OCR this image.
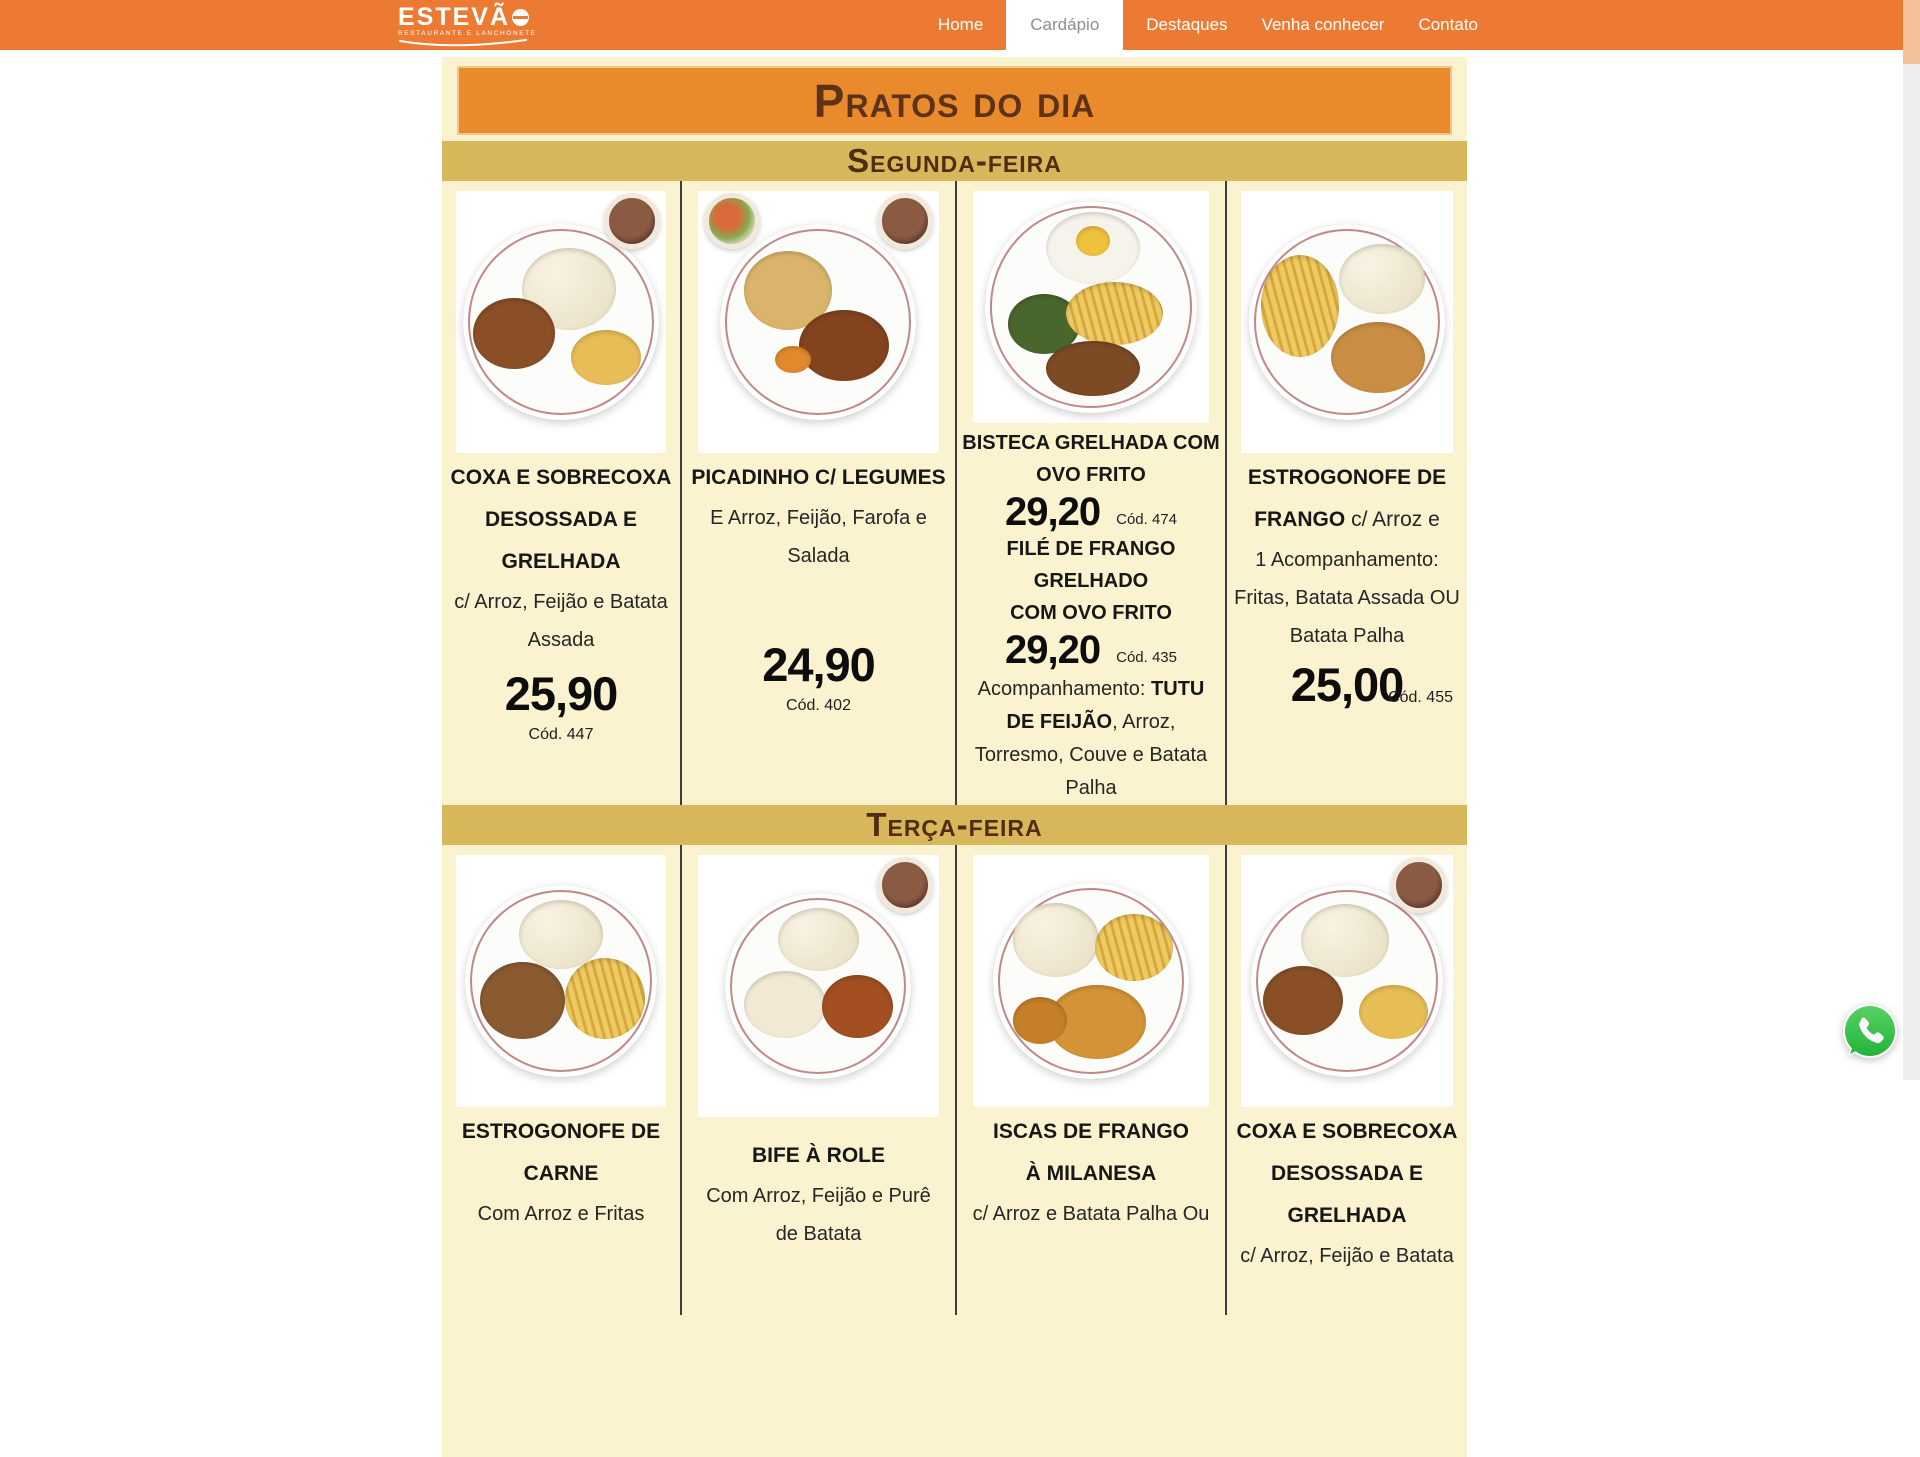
ESTEVÃ
RESTAURANTE E LANCHONETE	Home	Cardápio	Destaques	Venha conhecer	Contato
Pratos do dia
Segunda-feira
COXA E SOBRECOXA
DESOSSADA E GRELHADA
c/ Arroz, Feijão e Batata
Assada
25,90
Cód. 447
PICADINHO C/ LEGUMES
E Arroz, Feijão, Farofa e
Salada
24,90
Cód. 402
BISTECA GRELHADA COM
OVO FRITO
29,20 Cód. 474
FILÉ DE FRANGO GRELHADO
COM OVO FRITO
29,20 Cód. 435
Acompanhamento: TUTU DE FEIJÃO, Arroz, Torresmo, Couve e Batata Palha
ESTROGONOFE DE FRANGO c/ Arroz e
1 Acompanhamento:
Fritas, Batata Assada OU
Batata Palha
25,00
Cód. 455
Terça-feira
ESTROGONOFE DE
CARNE
Com Arroz e Fritas
BIFE À ROLE
Com Arroz, Feijão e Purê
de Batata
ISCAS DE FRANGO
À MILANESA
c/ Arroz e Batata Palha Ou
COXA E SOBRECOXA
DESOSSADA E GRELHADA
c/ Arroz, Feijão e Batata
